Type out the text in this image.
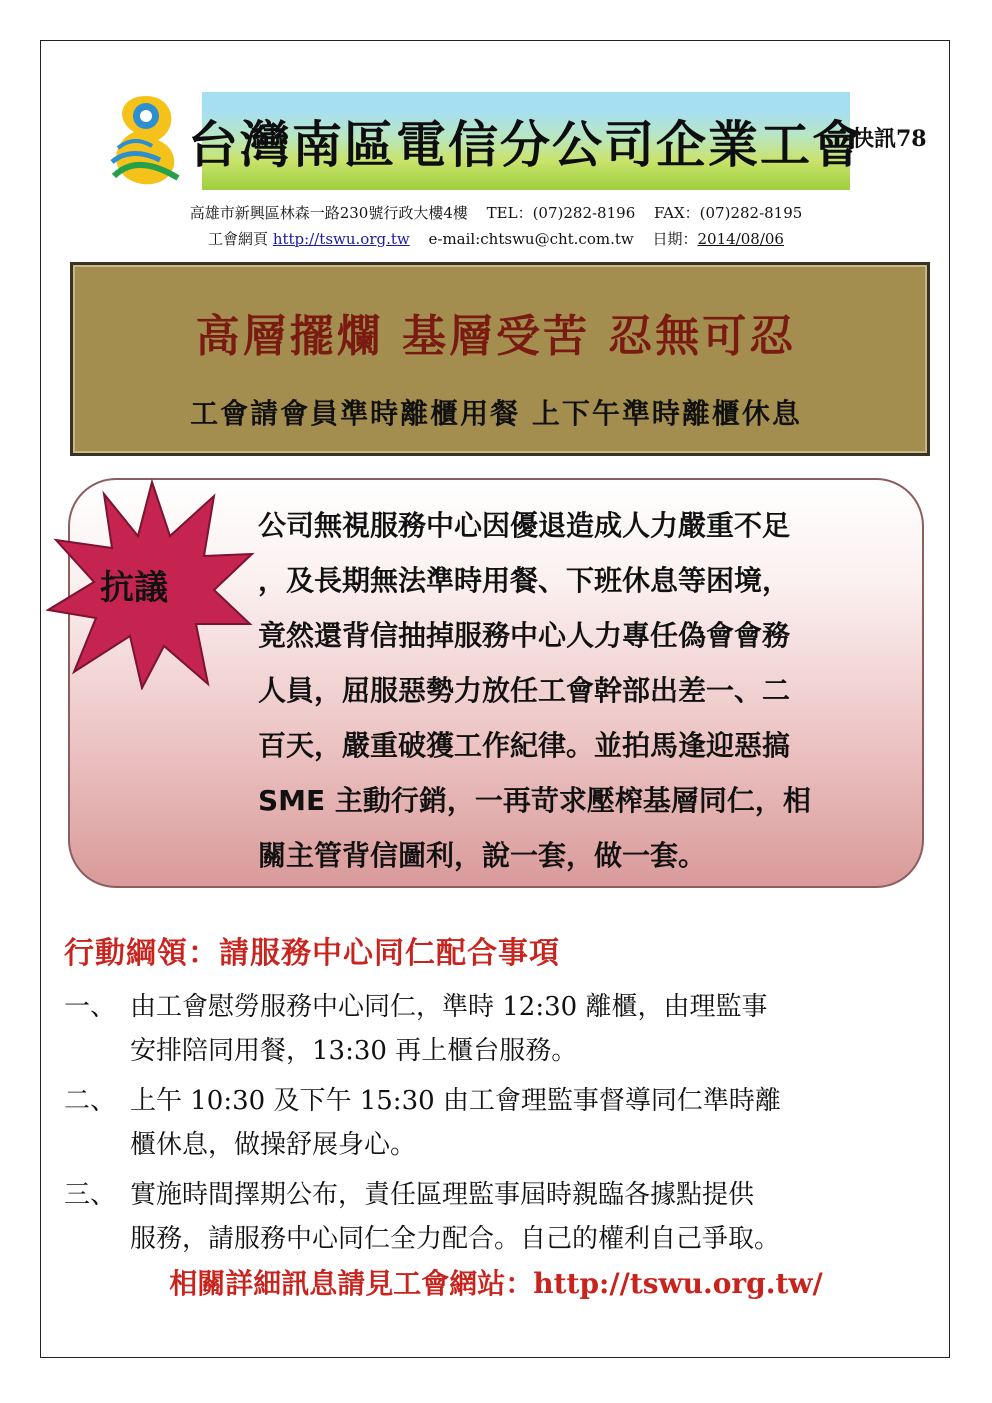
台灣南區電信分公司企業工會
快訊78
高雄市新興區林森一路230號行政大樓4樓 TEL：(07)282-8196 FAX：(07)282-8195
工會網頁 http://tswu.org.tw e-mail:chtswu@cht.com.tw 日期：2014/08/06
高層擺爛 基層受苦 忍無可忍
工會請會員準時離櫃用餐 上下午準時離櫃休息
抗議
公司無視服務中心因優退造成人力嚴重不足
，及長期無法準時用餐、下班休息等困境，
竟然還背信抽掉服務中心人力專任偽會會務
人員，屈服惡勢力放任工會幹部出差一、二
百天，嚴重破獲工作紀律。並拍馬逢迎惡搞
SME 主動行銷，一再苛求壓榨基層同仁，相
關主管背信圖利，說一套，做一套。
行動綱領：請服務中心同仁配合事項
一、 由工會慰勞服務中心同仁，準時 12:30 離櫃，由理監事
安排陪同用餐，13:30 再上櫃台服務。
二、 上午 10:30 及下午 15:30 由工會理監事督導同仁準時離
櫃休息，做操舒展身心。
三、 實施時間擇期公布，責任區理監事屆時親臨各據點提供
服務，請服務中心同仁全力配合。自己的權利自己爭取。
相關詳細訊息請見工會網站：http://tswu.org.tw/
